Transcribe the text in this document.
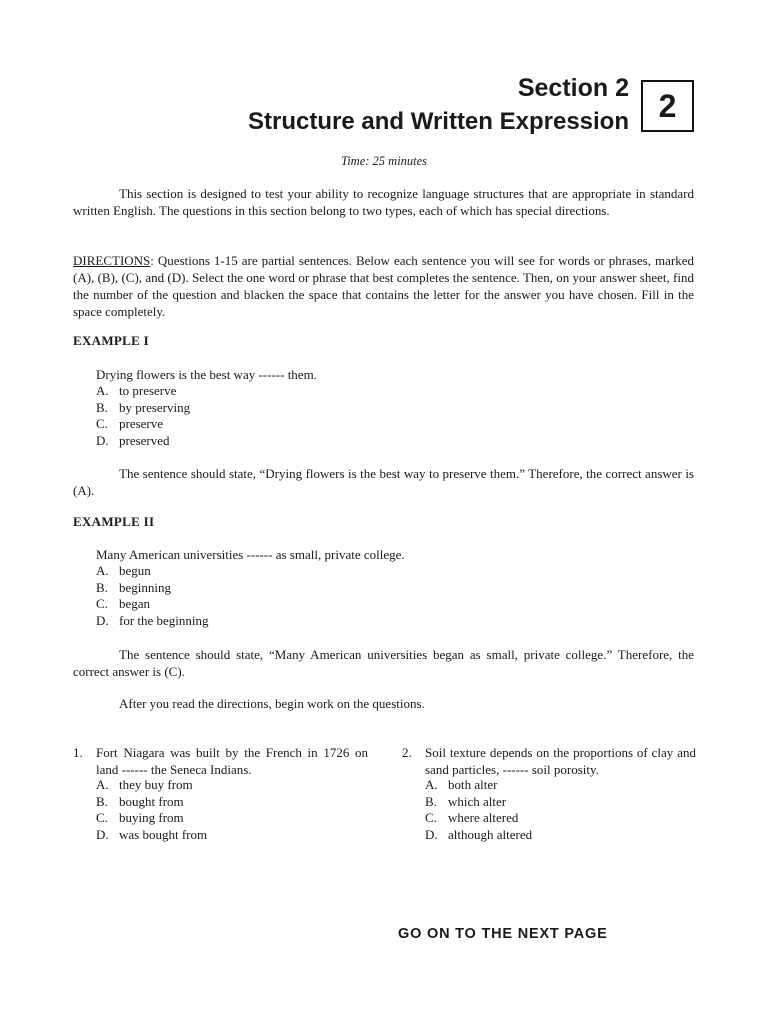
Section 2
Structure and Written Expression 2
Time: 25 minutes
This section is designed to test your ability to recognize language structures that are appropriate in standard written English. The questions in this section belong to two types, each of which has special directions.
DIRECTIONS: Questions 1-15 are partial sentences. Below each sentence you will see for words or phrases, marked (A), (B), (C), and (D). Select the one word or phrase that best completes the sentence. Then, on your answer sheet, find the number of the question and blacken the space that contains the letter for the answer you have chosen. Fill in the space completely.
EXAMPLE I
Drying flowers is the best way ------ them.
A. to preserve
B. by preserving
C. preserve
D. preserved
The sentence should state, “Drying flowers is the best way to preserve them.” Therefore, the correct answer is (A).
EXAMPLE II
Many American universities ------ as small, private college.
A. begun
B. beginning
C. began
D. for the beginning
The sentence should state, “Many American universities began as small, private college.” Therefore, the correct answer is (C).
After you read the directions, begin work on the questions.
1. Fort Niagara was built by the French in 1726 on land ------ the Seneca Indians.
A. they buy from
B. bought from
C. buying from
D. was bought from
2. Soil texture depends on the proportions of clay and sand particles, ------ soil porosity.
A. both alter
B. which alter
C. where altered
D. although altered
GO ON TO THE NEXT PAGE
